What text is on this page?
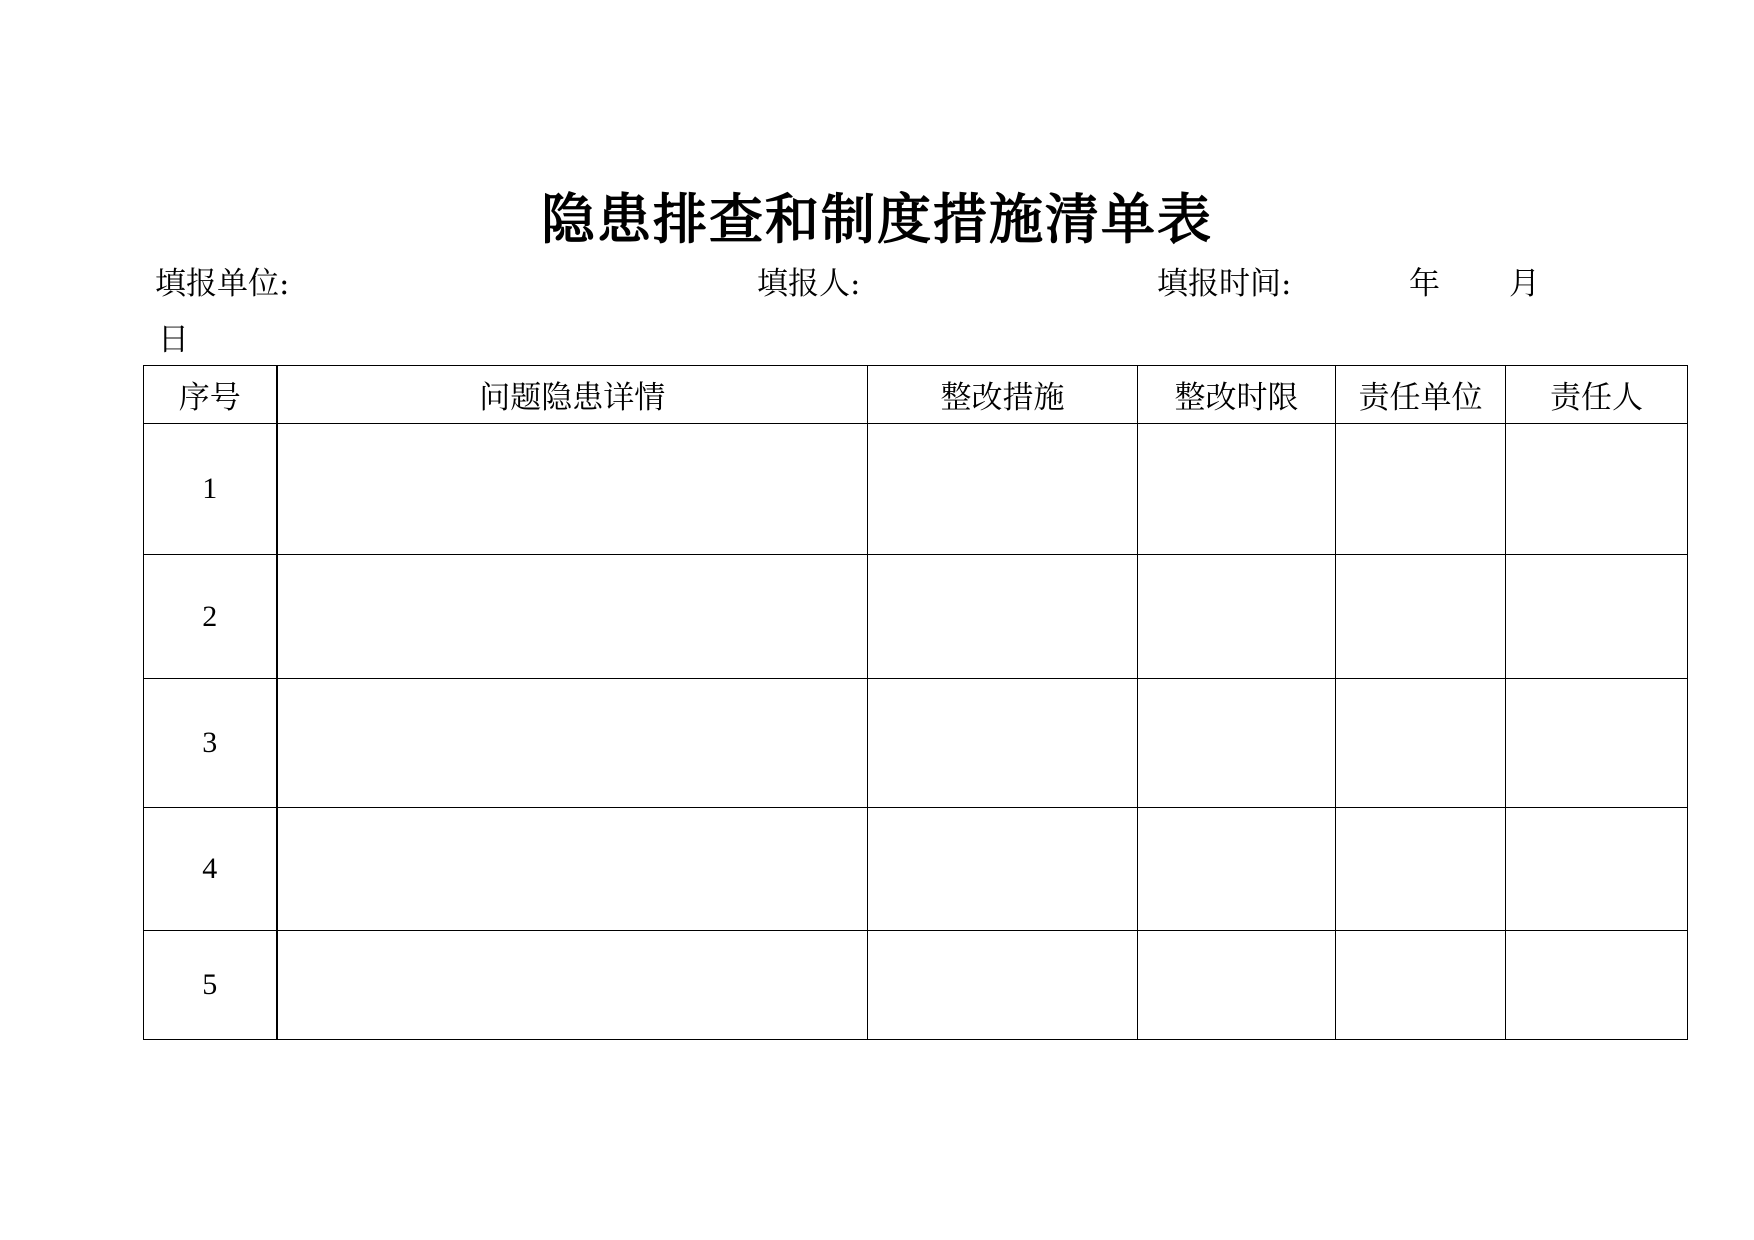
隐患排查和制度措施清单表
填报单位:	填报人:	填报时间:	年 月
日
序号	问题隐患详情	整改措施	整改时限	责任单位	责任人
1					
2					
3					
4					
5					
